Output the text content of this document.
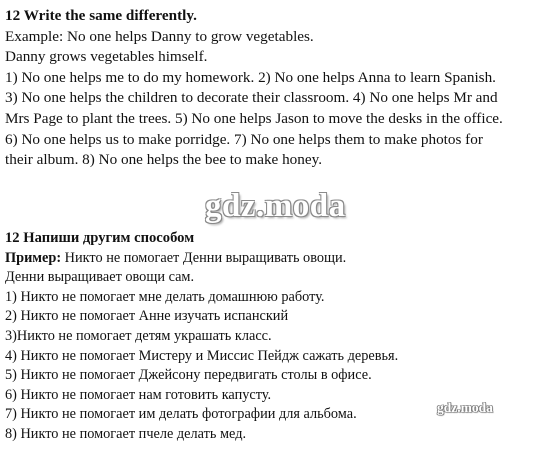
12 Write the same differently.
Example: No one helps Danny to grow vegetables.
Danny grows vegetables himself.
1) No one helps me to do my homework. 2) No one helps Anna to learn Spanish.
3) No one helps the children to decorate their classroom. 4) No one helps Mr and
Mrs Page to plant the trees. 5) No one helps Jason to move the desks in the office.
6) No one helps us to make porridge. 7) No one helps them to make photos for
their album. 8) No one helps the bee to make honey.
gdz.moda
12 Напиши другим способом
Пример: Никто не помогает Денни выращивать овощи.
Денни выращивает овощи сам.
1) Никто не помогает мне делать домашнюю работу.
2) Никто не помогает Анне изучать испанский
3)Никто не помогает детям украшать класс.
4) Никто не помогает Мистеру и Миссис Пейдж сажать деревья.
5) Никто не помогает Джейсону передвигать столы в офисе.
6) Никто не помогает нам готовить капусту.
7) Никто не помогает им делать фотографии для альбома.
8) Никто не помогает пчеле делать мед.
gdz.moda
